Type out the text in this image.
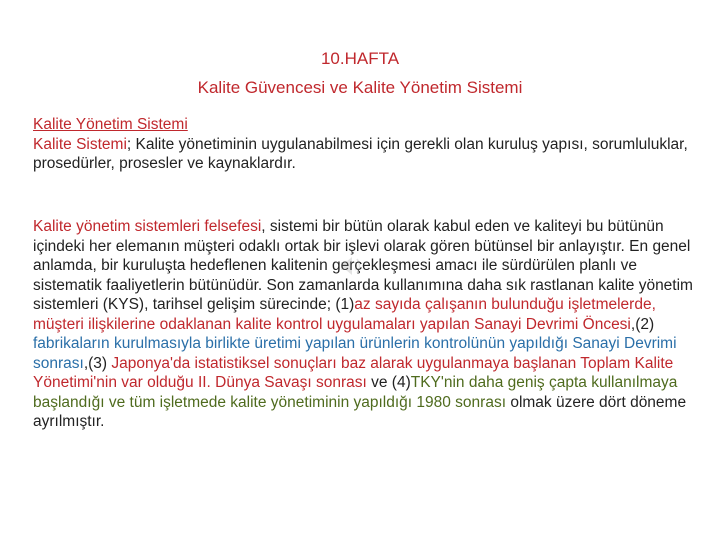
10.HAFTA
Kalite Güvencesi ve Kalite Yönetim Sistemi
Kalite Yönetim Sistemi
Kalite Sistemi; Kalite yönetiminin uygulanabilmesi için gerekli olan kuruluş yapısı, sorumluluklar, prosedürler, prosesler ve kaynaklardır.
Kalite yönetim sistemleri felsefesi, sistemi bir bütün olarak kabul eden ve kaliteyi bu bütünün içindeki her elemanın müşteri odaklı ortak bir işlevi olarak gören bütünsel bir anlayıştır. En genel anlamda, bir kuruluşta hedeflenen kalitenin gerçekleşmesi amacı ile sürdürülen planlı ve sistematik faaliyetlerin bütünüdür. Son zamanlarda kullanımına daha sık rastlanan kalite yönetim sistemleri (KYS), tarihsel gelişim sürecinde; (1)az sayıda çalışanın bulunduğu işletmelerde, müşteri ilişkilerine odaklanan kalite kontrol uygulamaları yapılan Sanayi Devrimi Öncesi,(2) fabrikaların kurulmasıyla birlikte üretimi yapılan ürünlerin kontrolünün yapıldığı Sanayi Devrimi sonrası,(3) Japonya'da istatistiksel sonuçları baz alarak uygulanmaya başlanan Toplam Kalite Yönetimi'nin var olduğu II. Dünya Savaşı sonrası ve (4)TKY'nin daha geniş çapta kullanılmaya başlandığı ve tüm işletmede kalite yönetiminin yapıldığı 1980 sonrası olmak üzere dört döneme ayrılmıştır.
